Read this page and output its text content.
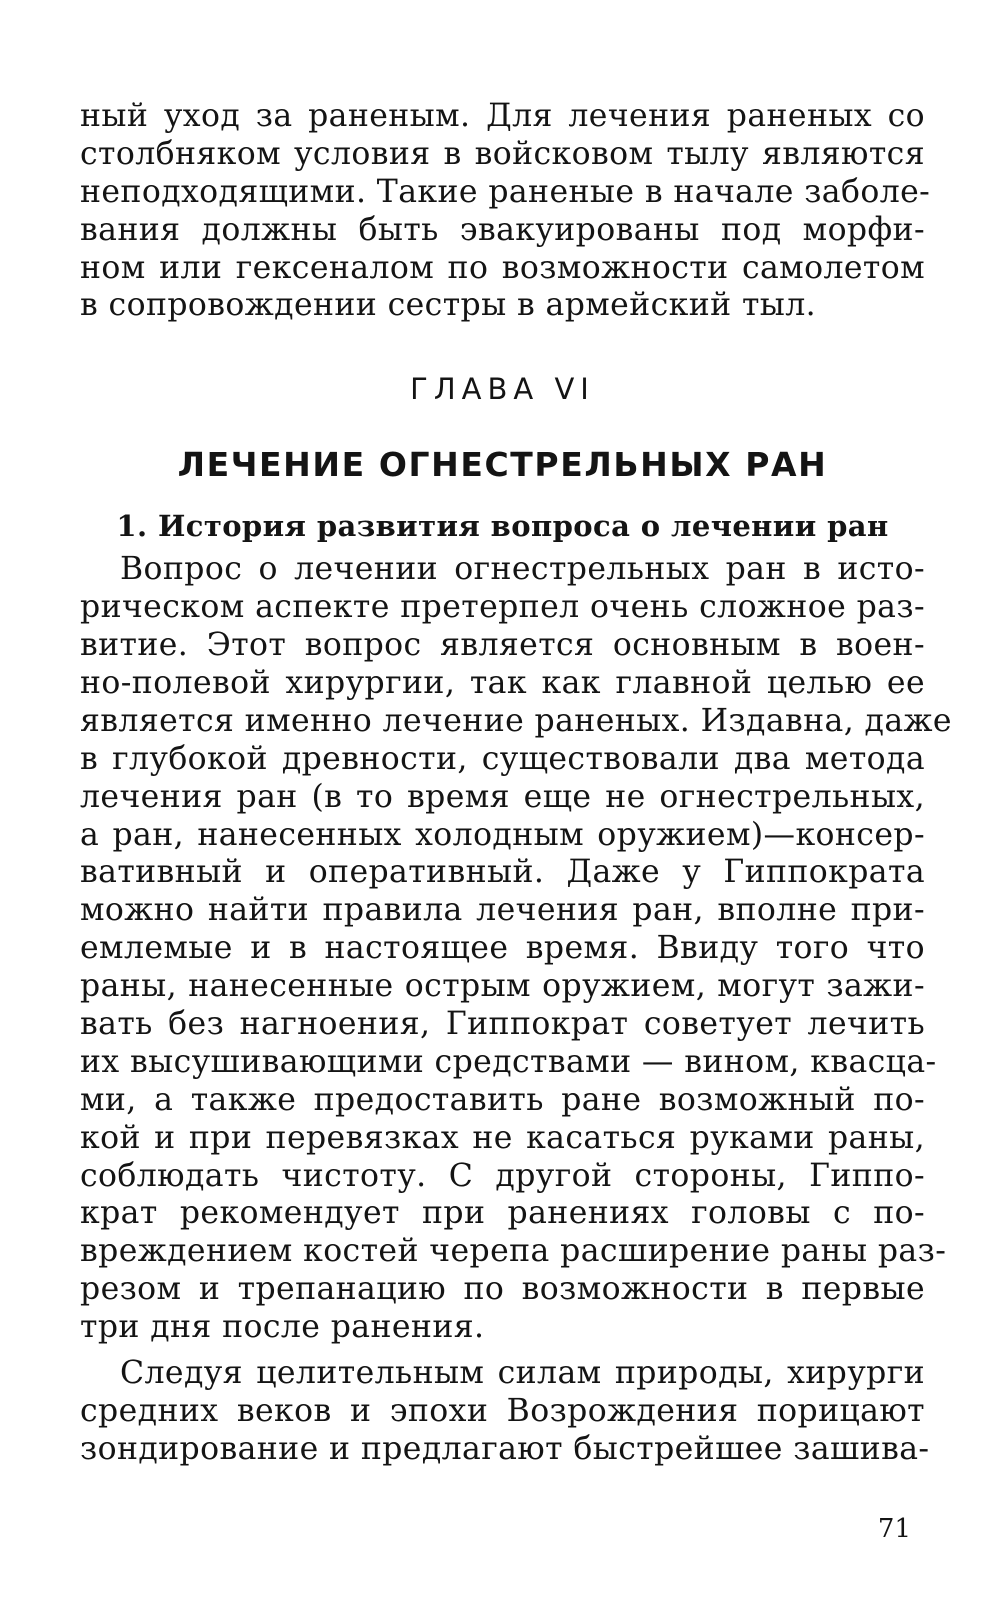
ный уход за раненым. Для лечения раненых со
столбняком условия в войсковом тылу являются
неподходящими. Такие раненые в начале заболе-
вания должны быть эвакуированы под морфи-
ном или гексеналом по возможности самолетом
в сопровождении сестры в армейский тыл.
ГЛАВА VI
ЛЕЧЕНИЕ ОГНЕСТРЕЛЬНЫХ РАН
1. История развития вопроса о лечении ран
Вопрос о лечении огнестрельных ран в исто-
рическом аспекте претерпел очень сложное раз-
витие. Этот вопрос является основным в воен-
но-полевой хирургии, так как главной целью ее
является именно лечение раненых. Издавна, даже
в глубокой древности, существовали два метода
лечения ран (в то время еще не огнестрельных,
а ран, нанесенных холодным оружием)—консер-
вативный и оперативный. Даже у Гиппократа
можно найти правила лечения ран, вполне при-
емлемые и в настоящее время. Ввиду того что
раны, нанесенные острым оружием, могут зажи-
вать без нагноения, Гиппократ советует лечить
их высушивающими средствами — вином, квасца-
ми, а также предоставить ране возможный по-
кой и при перевязках не касаться руками раны,
соблюдать чистоту. С другой стороны, Гиппо-
крат рекомендует при ранениях головы с по-
вреждением костей черепа расширение раны раз-
резом и трепанацию по возможности в первые
три дня после ранения.
Следуя целительным силам природы, хирурги
средних веков и эпохи Возрождения порицают
зондирование и предлагают быстрейшее зашива-
71
